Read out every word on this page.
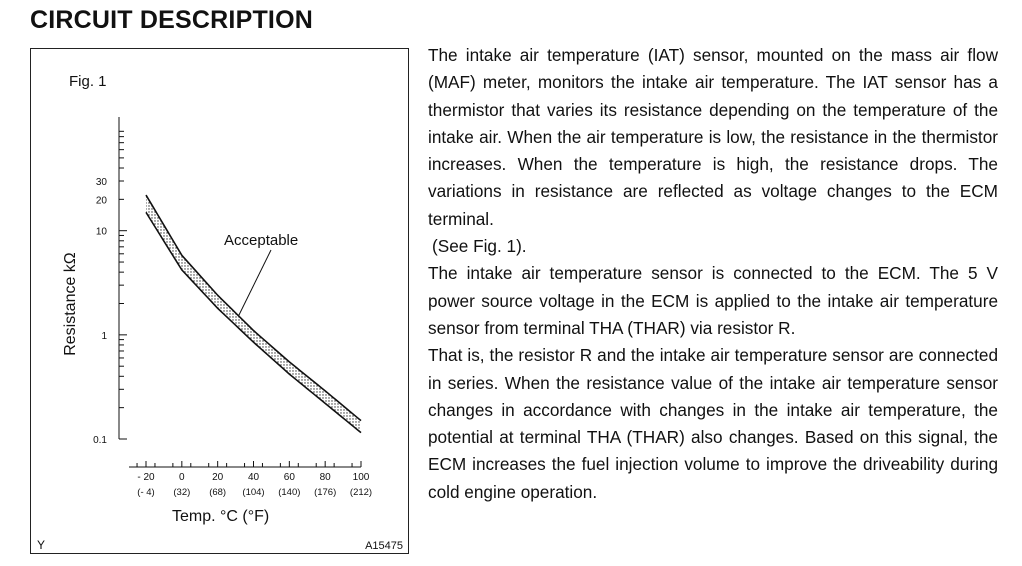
CIRCUIT DESCRIPTION
Fig. 1
Resistance kΩ
Temp. °C (°F)
Acceptable
Y	A15475
30
20
10
1
0.1
- 20 0	20 40 60 80 100
(- 4) (32) (68) (104) (140) (176) (212)

The intake air temperature (IAT) sensor, mounted on the mass air flow (MAF) meter, monitors the intake air temperature. The IAT sensor has a thermistor that varies its resistance depending on the temperature of the intake air. When the air temperature is low, the resistance in the thermistor increases. When the temperature is high, the resistance drops. The variations in resistance are reflected as voltage changes to the ECM terminal.

(See Fig. 1).

The intake air temperature sensor is connected to the ECM. The 5 V power source voltage in the ECM is applied to the intake air temperature sensor from terminal THA (THAR) via resistor R.

That is, the resistor R and the intake air temperature sensor are connected in series. When the resistance value of the intake air temperature sensor changes in accordance with changes in the intake air temperature, the potential at terminal THA (THAR) also changes. Based on this signal, the ECM increases the fuel injection volume to improve the driveability during cold engine operation.
